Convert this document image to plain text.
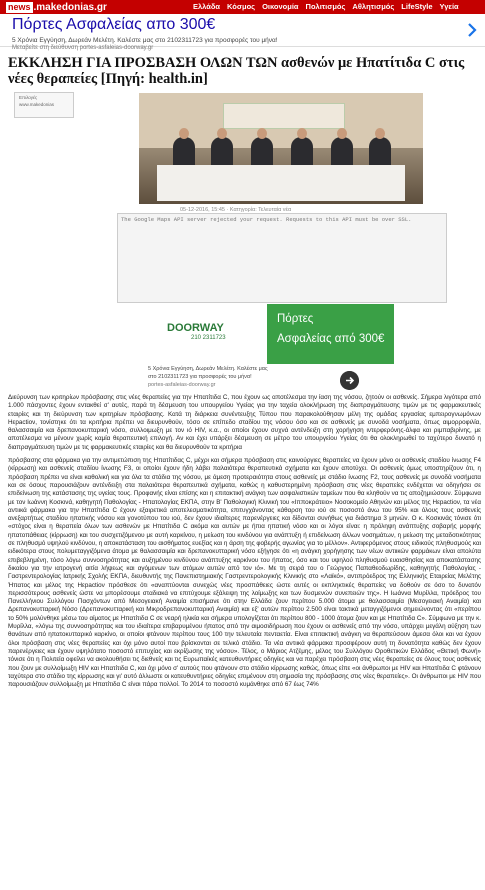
news .makedonias.gr	Ελλάδα Κόσμος Οικονομία Πολιτισμός Αθλητισμός LifeStyle Υγεία
Πόρτες Ασφαλείας απο 300€
5 Χρόνια Εγγύηση, Δωρεάν Μελέτη. Καλέστε μας στο 2102311723 για προσφορές του μήνα!
Μεταβείτε στη διεύθυνση portes-asfaleias-doorway.gr
ΕΚΚΛΗΣΗ ΓΙΑ ΠΡΟΣΒΑΣΗ ΟΛΩΝ ΤΩΝ ασθενών με Ηπατίτιδα C στις νέες θεραπείες [Πηγή: health.in]
Επιλογές
www.makedonias
05-12-2016, 15:45 · Κατηγορία: Τελευταία νέα
The Google Maps API server rejected your request. Requests to this API must be over SSL.
DOORWAY
210 2311723
Πόρτες
Ασφαλείας από 300€
5 Χρόνια Εγγύηση, Δωρεάν Μελέτη. Καλέστε μας
στο 2102311723 για προσφορές του μήνα!
portes-asfaleias-doorway.gr

Διεύρυνση των κριτηρίων πρόσβασης στις νέες θεραπείες για την Ηπατίτιδα C, που έχουν ως αποτέλεσμα την ίαση της νόσου, ζητούν οι ασθενείς. Σήμερα λιγότερα από 1.000 πάσχοντες έχουν εντακθεί σ' αυτές, παρά τη δέσμευση του υπουργείου Υγείας για την ταχεία ολοκλήρωση της διαπραγμάτευσης τιμών με τις φαρμακευτικές εταιρίες και τη διεύρυνση των κριτηρίων πρόσβασης. Κατά τη διάρκεια συνέντευξης Τύπου που παρακολούθησαν μέλη της ομάδας εργασίας εμπειρογνωμόνων Ηεpactioν, τονίστηκε ότι τα κριτήρια πρέπει να διευρυνθούν, τόσο σε επίπεδο σταδίου της νόσου όσο και σε ασθενείς με συνοδά νοσήματα, όπως αιμορροφιλία, θαλασσαιμία και δρεπανοκυτταρική νόσο, συλλοιμωξη με τον ιό HIV, κ.α., οι οποίοι έχουν συχνά αντένδειξη στη χορήγηση ιντερφερόνης-άλφα και ριμπαβιρίνης, με αποτέλεσμα να μένουν χωρίς καμία θεραπευτική επιλογή. Αν και έχει υπάρξει δέσμευση σε μέτρο του υπουργείου Υγείας ότι θα ολοκληρωθεί το ταχύτερο δυνατό η διαπραγμάτευση τιμών με τις φαρμακευτικές εταιρίες και θα διευρυνθούν τα κριτήρια

πρόσβασης στα φάρμακα για την αντιμετώπιση της Ηπατίτιδας C, μέχρι και σήμερα πρόσβαση στις καινούργιες θεραπείες να έχουν μόνο οι ασθενείς σταδίου ίνωσης F4 (κίρρωση) και ασθενείς σταδίου ίνωσης F3, οι οποίοι έχουν ήδη λάβει παλαιότερα θεραπευτικά σχήματα και έχουν αποτύχει. Οι ασθενείς όμως υποστηρίζουν ότι, η πρόσβαση πρέπει να είναι καθολική και για όλα τα στάδια της νόσου, με άμεση προτεραιότητα στους ασθενείς με στάδιο ίνωσης F2, τους ασθενείς με συνοδά νοσήματα και σε όσους παρουσιάζουν αντένδειξη στα παλαιότερα θεραπευτικά σχήματα, καθώς η καθυστερημένη πρόσβαση στις νέες θεραπείες ενδέχεται να οδηγήσει σε επιδείνωση της κατάστασης της υγείας τους. Προφανής είναι επίσης και η επιτακτική ανάγκη των ασφαλιστικών ταμείων που θα κληθούν να τις αποζημιώσουν. Σύμφωνα με τον Ιωάννη Κοσκινά, καθηγητή Παθολογίας - Ηπατολογίας ΕΚΠΑ, στην Β' Παθολογική Κλινική του «Ιπποκράτειο» Νοσοκομείο Αθηνών και μέλος της Ηεpactioν, τα νέα αντιικά φάρμακα για την Ηπατίτιδα C έχουν εξαιρετικά αποτελεσματικότητα, επιτυγχάνοντας κάθαρση του ιού σε ποσοστό άνω του 95% και όλους τους ασθενείς ανεξαρτήτως σταδίου ηπατικής νόσου και γονοτύπου του ιού, δεν έχουν ιδιαίτερες παρενέργειες και δίδονται συνήθως για διάστημα 3 μηνών. Ο κ. Κοσκινάς τόνισε ότι «στόχος είναι η θεραπεία όλων των ασθενών με Ηπατίτιδα C ακόμα και αυτών με ήπια ηπατική νόσο και οι λόγοι είναι: η πρόληψη ανάπτυξης σοβαρής μορφής ηπατοπάθειας (κίρρωση) και του συσχετιζόμενου με αυτή καρκίνου, η μείωση του κινδύνου για ανάπτυξη ή επιδείνωση άλλων νοσημάτων, η μείωση της μεταδοτικότητας σε πληθυσμό υψηλού κινδύνου, η αποκατάσταση του αισθήματος ευεξίας και η άρση της φοβερής αγωνίας για το μέλλον». Αντιφερόμενος στους ειδικούς πληθυσμούς και ειδικότερα στους πολυμεταγγιζόμενα άτομα με θαλασσαιμία και δρεπανοκυτταρική νόσο εξήγησε ότι «η ανάγκη χορήγησης των νέων αντιικών φαρμάκων είναι απολύτα επιβεβλημένη, τόσο λόγω συννοσηρότητας και αυξημένου κινδύνου ανάπτυξης καρκίνου του ήπατος, όσο και του υψηλού πληθυσμού ευαισθησίας και αποκατάστασης δικαίου για την ιατρογενή αιτία λήψεως και αγόμενων των ατόμων αυτών από τον ιό». Με τη σειρά του ο Γεώργιος Παπαθεοδωρίδης, καθηγητής Παθολογίας - Γαστρεντερολογίας Ιατρικής Σχολής ΕΚΠΑ, διευθυντής της Πανεπιστημιακής Γαστρεντερολογικής Κλινικής στο «Λαϊκό», αντιπρόεδρος της Ελληνικής Εταιρείας Μελέτης Ήπατος και μέλος της Ηεpactioν πρόσθεσε ότι «αναπτύονται συνεχώς νέες προσπάθειες ώστε αυτές οι εκπληκτικές θεραπείες να δοθούν σε όσο το δυνατόν περισσότερους ασθενείς ώστε να μπορέσουμε σταδιακά να επιτύχουμε εξάλειψη της λοίμωξης και των δυσμενών συνεπειών της». Η Ιωάννα Μυρίλλα, πρόεδρος του Πανελλήνιου Συλλόγου Πασχόντων από Μεσογειακή Αναιμία επισήμανε ότι στην Ελλάδα ζουν περίπου 5.000 άτομα με θαλασσαιμία (Μεσογειακή Αναιμία) και Δρεπανοκυτταρική Νόσο (Δρεπανοκυτταρική και Μικροδρεπανοκυτταρική Αναιμία) και εξ' αυτών περίπου 2.500 είναι τακτικά μεταγγιζόμενοι σημειώνοντας ότι «περίπου το 50% μολύνθηκε μέσω του αίματος με Ηπατίτιδα C σε νεαρή ηλικία και σήμερα υπολογίζεται ότι περίπου 800 - 1000 άτομα ζουν και με Ηπατίτιδα C». Σύμφωνα με την κ. Μυρίλλα, «λόγω της συννοσηρότητας και του ιδιαίτερα επιβαρυμένου ήπατος από την αιμοσιδήρωση που έχουν οι ασθενείς από την νόσο, υπάρχει μεγάλη αύξηση των θανάτων από ηπατοκυτταρικό καρκίνο, οι οποίοι φτάνουν περίπου τους 100 την τελευταία πενταετία. Είναι επιτακτική ανάγκη να θεραπεύσουν άμεσα όλοι και να έχουν όλοι πρόσβαση στις νέες θεραπείες και όχι μόνο αυτοί που βρίσκονται σε τελικό στάδιο. Τα νέα αντιικά φάρμακα προσφέρουν αυτή τη δυνατότητα καθώς δεν έχουν παρενέργειες και έχουν υψηλότατο ποσοστό επιτυχίας και εκρίζωσης της νόσου». Τέλος, ο Μάριος Ατζέμης, μέλος του Συλλόγου Οροθετικών Ελλάδος «Θετική Φωνή» τόνισε ότι η Πολιτεία οφείλει να ακολουθήσει τις διεθνείς και τις Ευρωπαϊκές κατευθυντήριες οδηγίες και να παρέχει πρόσβαση στις νέες θεραπείες σε όλους τους ασθενείς που ζουν με συλλοίμωξη HIV και Ηπατίτιδα C, και όχι μόνο σ' αυτούς που φτάνουν στο στάδιο κίρρωσης καθώς, όπως είπε «οι άνθρωποι με HIV και Ηπατίτιδα C φτάνουν ταχύτερα στο στάδιο της κίρρωσης και γι' αυτό άλλωστε οι κατευθυντήριες οδηγίες επιμένουν στη σημασία της πρόσβασης στις νέες θεραπείες». Οι άνθρωποι με HIV που παρουσιάζουν συλλοίμωξη με Ηπατίτιδα C είναι πάρα πολλοί. Το 2014 το ποσοστό κυμάνθηκε από 67 έως 74%
